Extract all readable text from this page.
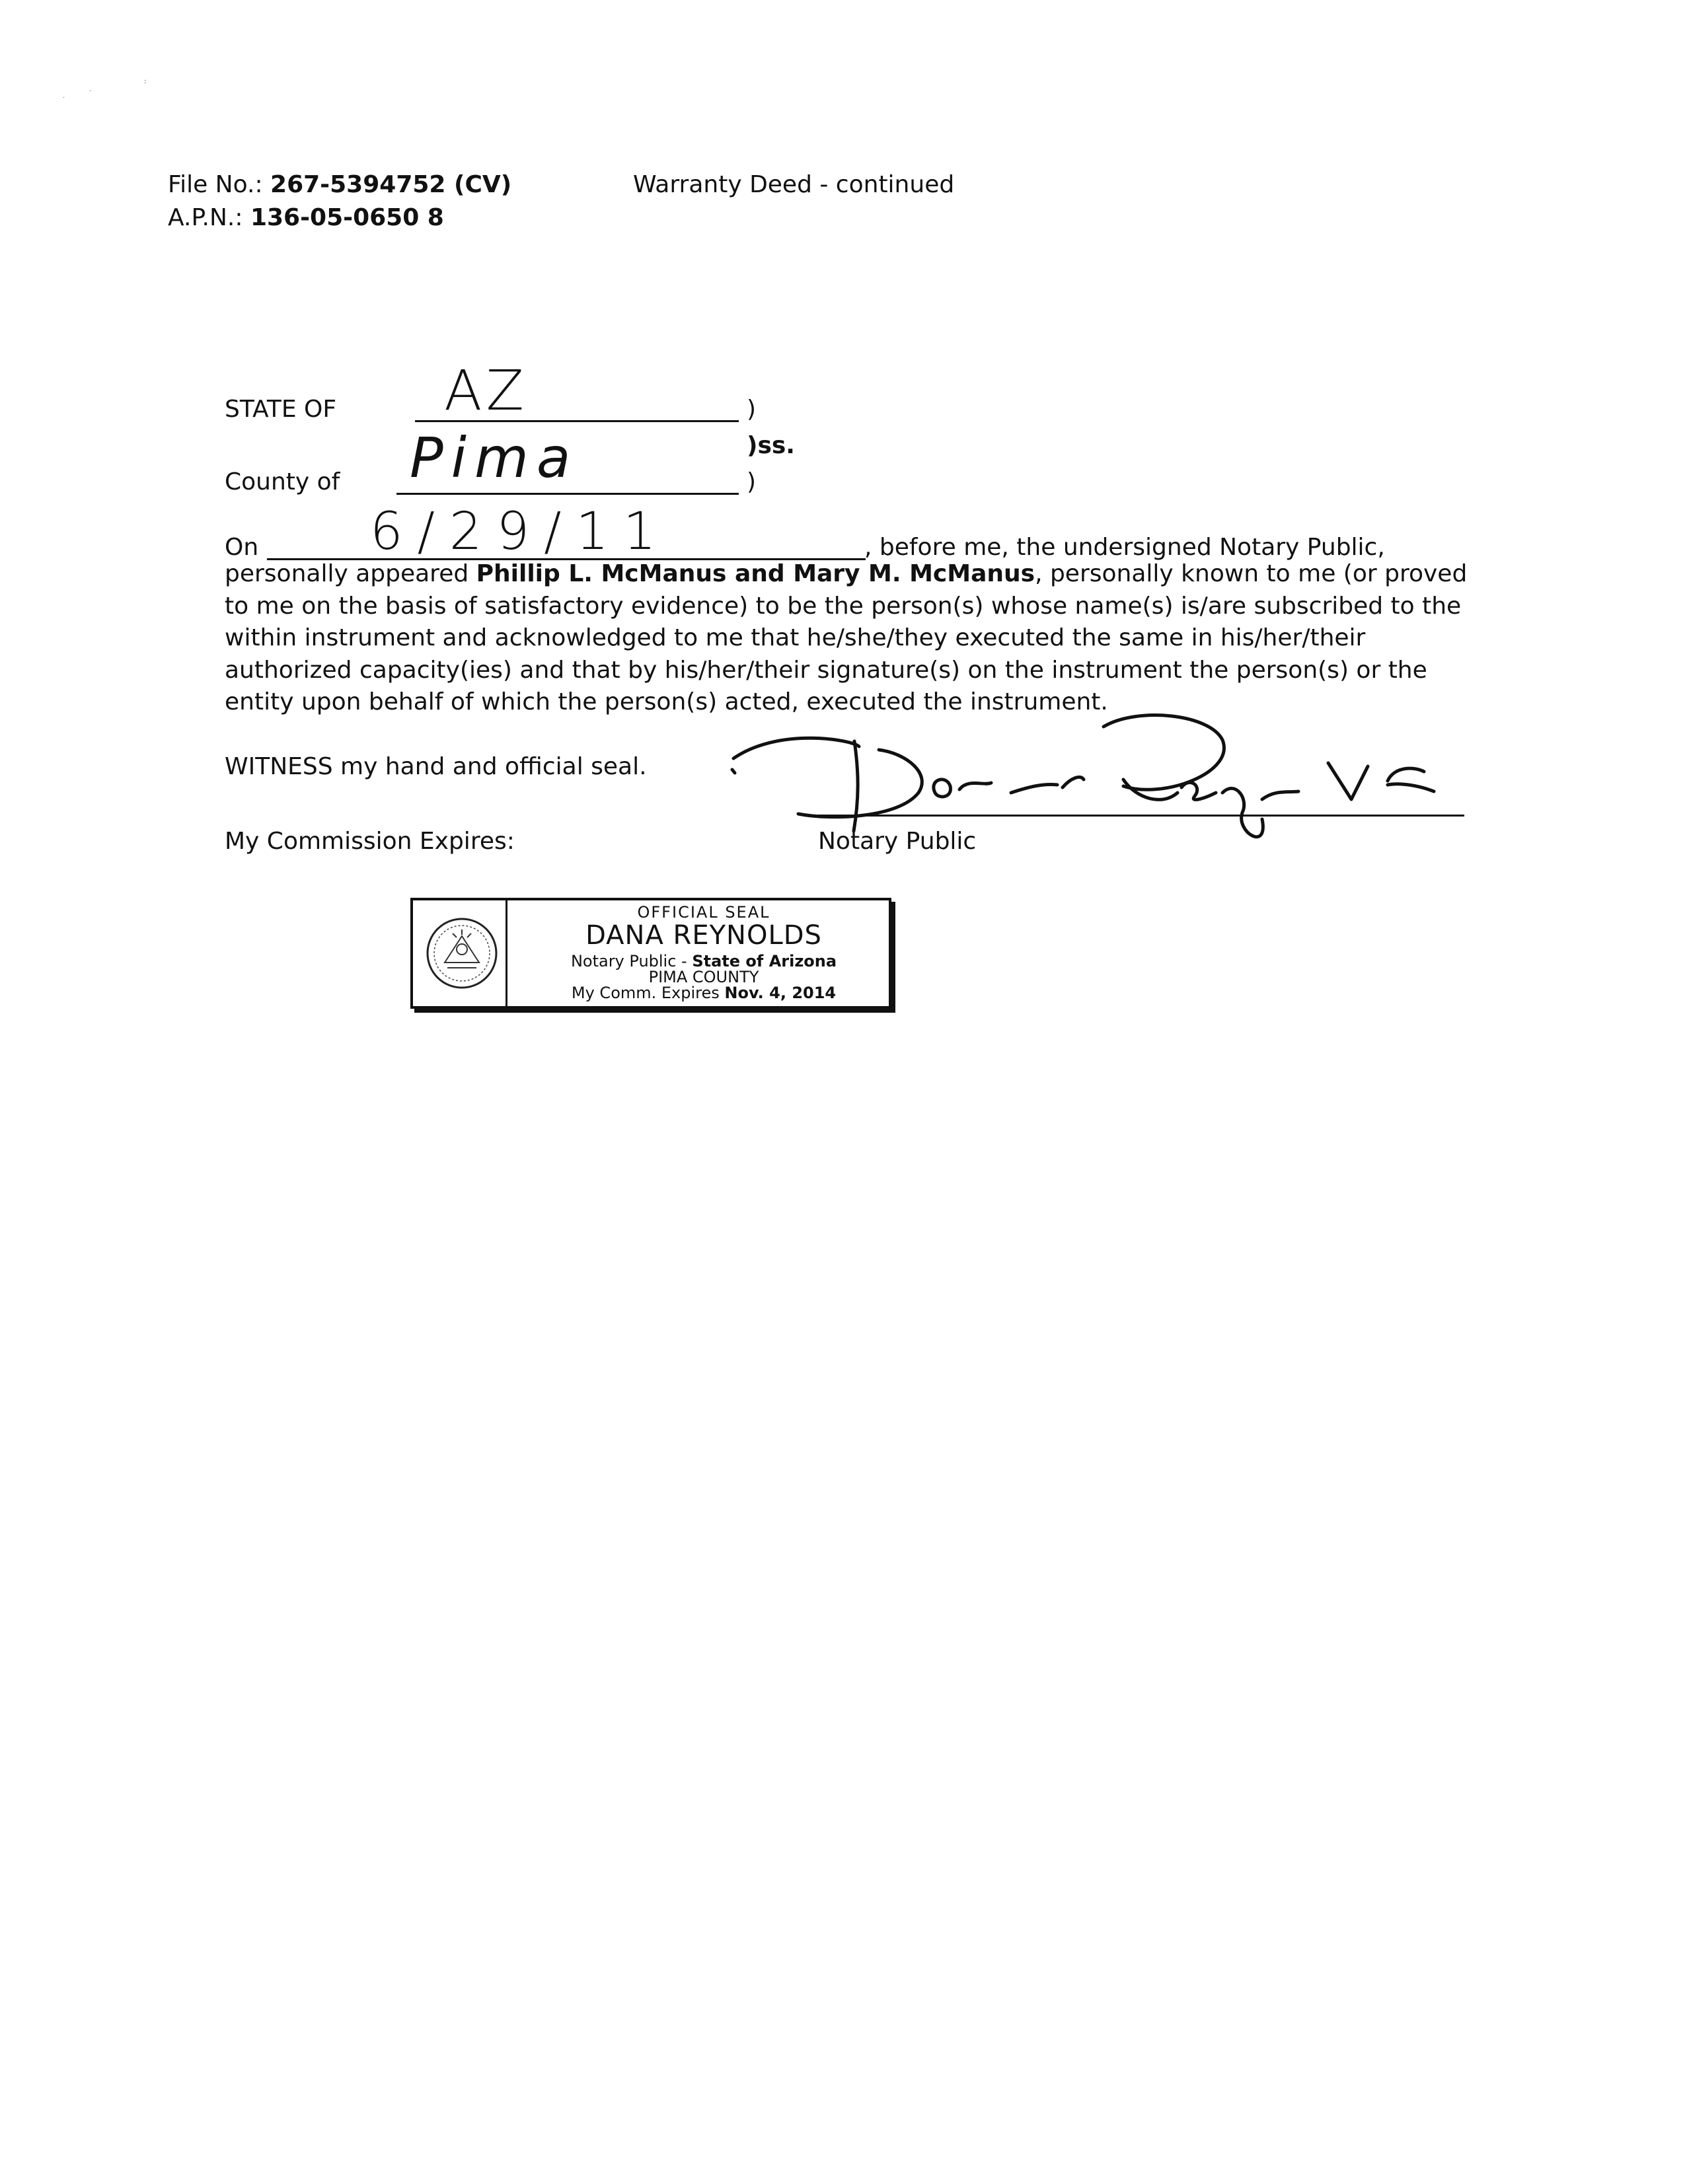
.
.
:
File No.: 267-5394752 (CV)
A.P.N.: 136-05-0650 8
Warranty Deed - continued
STATE OF AZ	)
)ss.
County of Pima	)
On 6/29/11	, before me, the undersigned Notary Public,
personally appeared Phillip L. McManus and Mary M. McManus, personally known to me (or proved
to me on the basis of satisfactory evidence) to be the person(s) whose name(s) is/are subscribed to the
within instrument and acknowledged to me that he/she/they executed the same in his/her/their
authorized capacity(ies) and that by his/her/their signature(s) on the instrument the person(s) or the
entity upon behalf of which the person(s) acted, executed the instrument.
WITNESS my hand and official seal.
My Commission Expires:	Notary Public
OFFICIAL SEAL
DANA REYNOLDS
Notary Public - State of Arizona
PIMA COUNTY
My Comm. Expires Nov. 4, 2014
